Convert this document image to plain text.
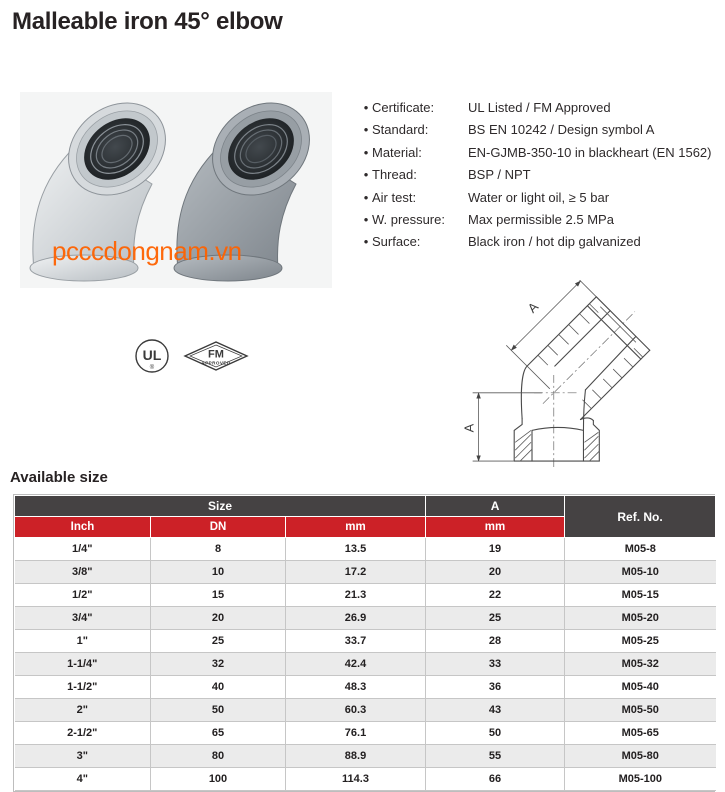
Malleable iron 45° elbow
pcccdongnam.vn
UL
®
FM
APPROVED
• Certificate:	UL Listed / FM Approved
• Standard:	BS EN 10242 / Design symbol A
• Material:	EN-GJMB-350-10 in blackheart (EN 1562)
• Thread:	BSP / NPT
• Air test:	Water or light oil, ≥ 5 bar
• W. pressure:	Max permissible 2.5 MPa
• Surface:	Black iron / hot dip galvanized
A
A
Available size
Size			A	Ref. No.
Inch	DN	mm	mm	
1/4"	8	13.5	19	M05-8
3/8"	10	17.2	20	M05-10
1/2"	15	21.3	22	M05-15
3/4"	20	26.9	25	M05-20
1"	25	33.7	28	M05-25
1-1/4"	32	42.4	33	M05-32
1-1/2"	40	48.3	36	M05-40
2"	50	60.3	43	M05-50
2-1/2"	65	76.1	50	M05-65
3"	80	88.9	55	M05-80
4"	100	114.3	66	M05-100
